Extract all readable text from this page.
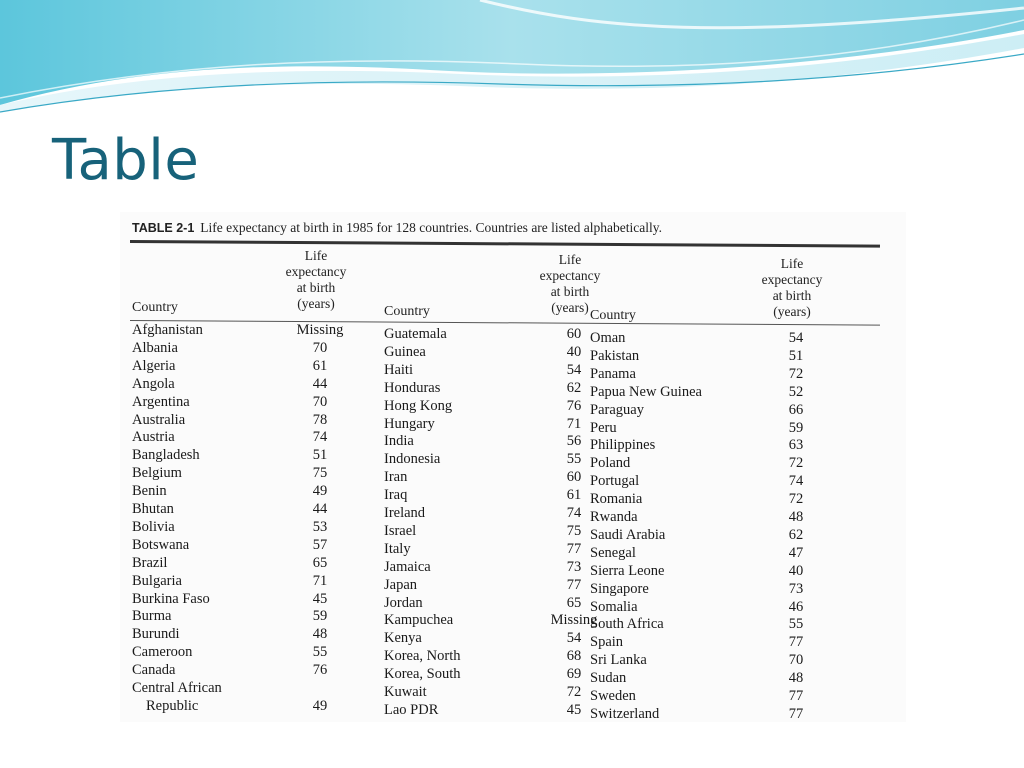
Table
TABLE 2-1 Life expectancy at birth in 1985 for 128 countries. Countries are listed alphabetically.
Country
Life
expectancy
at birth
(years)
Afghanistan	Missing
Albania	70
Algeria	61
Angola	44
Argentina	70
Australia	78
Austria	74
Bangladesh	51
Belgium	75
Benin	49
Bhutan	44
Bolivia	53
Botswana	57
Brazil	65
Bulgaria	71
Burkina Faso	45
Burma	59
Burundi	48
Cameroon	55
Canada	76
Central African
Republic	49
Country
Life
expectancy
at birth
(years)
Guatemala	60
Guinea	40
Haiti	54
Honduras	62
Hong Kong	76
Hungary	71
India	56
Indonesia	55
Iran	60
Iraq	61
Ireland	74
Israel	75
Italy	77
Jamaica	73
Japan	77
Jordan	65
Kampuchea	Missing
Kenya	54
Korea, North	68
Korea, South	69
Kuwait	72
Lao PDR	45
Country
Life
expectancy
at birth
(years)
Oman	54
Pakistan	51
Panama	72
Papua New Guinea	52
Paraguay	66
Peru	59
Philippines	63
Poland	72
Portugal	74
Romania	72
Rwanda	48
Saudi Arabia	62
Senegal	47
Sierra Leone	40
Singapore	73
Somalia	46
South Africa	55
Spain	77
Sri Lanka	70
Sudan	48
Sweden	77
Switzerland	77
